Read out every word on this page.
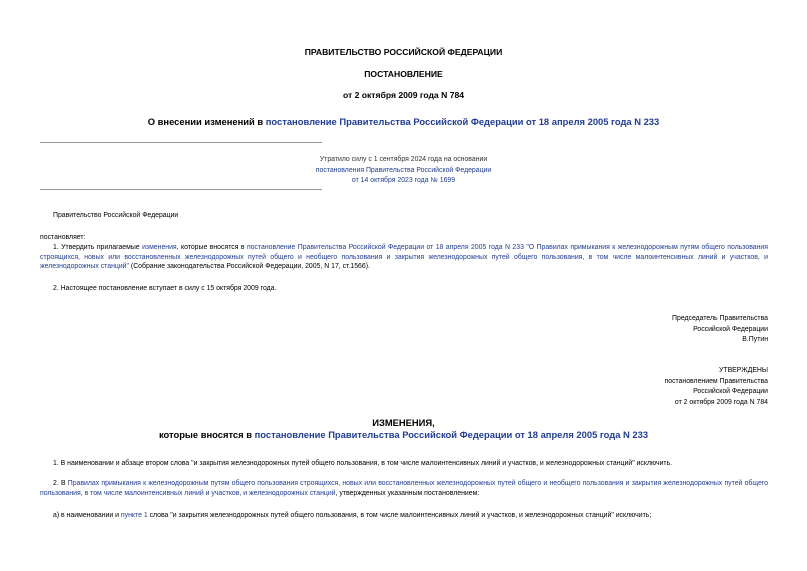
ПРАВИТЕЛЬСТВО РОССИЙСКОЙ ФЕДЕРАЦИИ
ПОСТАНОВЛЕНИЕ
от 2 октября 2009 года N 784
О внесении изменений в постановление Правительства Российской Федерации от 18 апреля 2005 года N 233
Утратило силу с 1 сентября 2024 года на основании
постановления Правительства Российской Федерации
от 14 октября 2023 года № 1699
Правительство Российской Федерации
постановляет:
1. Утвердить прилагаемые изменения, которые вносятся в постановление Правительства Российской Федерации от 18 апреля 2005 года N 233 "О Правилах примыкания к железнодорожным путям общего пользования строящихся, новых или восстановленных железнодорожных путей общего и необщего пользования и закрытия железнодорожных путей общего пользования, в том числе малоинтенсивных линий и участков, и железнодорожных станций" (Собрание законодательства Российской Федерации, 2005, N 17, ст.1566).
2. Настоящее постановление вступает в силу с 15 октября 2009 года.
Председатель Правительства
Российской Федерации
В.Путин
УТВЕРЖДЕНЫ
постановлением Правительства
Российской Федерации
от 2 октября 2009 года N 784
ИЗМЕНЕНИЯ,
которые вносятся в постановление Правительства Российской Федерации от 18 апреля 2005 года N 233
1. В наименовании и абзаце втором слова "и закрытия железнодорожных путей общего пользования, в том числе малоинтенсивных линий и участков, и железнодорожных станций" исключить.
2. В Правилах примыкания к железнодорожным путям общего пользования строящихся, новых или восстановленных железнодорожных путей общего и необщего пользования и закрытия железнодорожных путей общего пользования, в том числе малоинтенсивных линий и участков, и железнодорожных станций, утвержденных указанным постановлением:
а) в наименовании и пункте 1 слова "и закрытия железнодорожных путей общего пользования, в том числе малоинтенсивных линий и участков, и железнодорожных станций" исключить;
